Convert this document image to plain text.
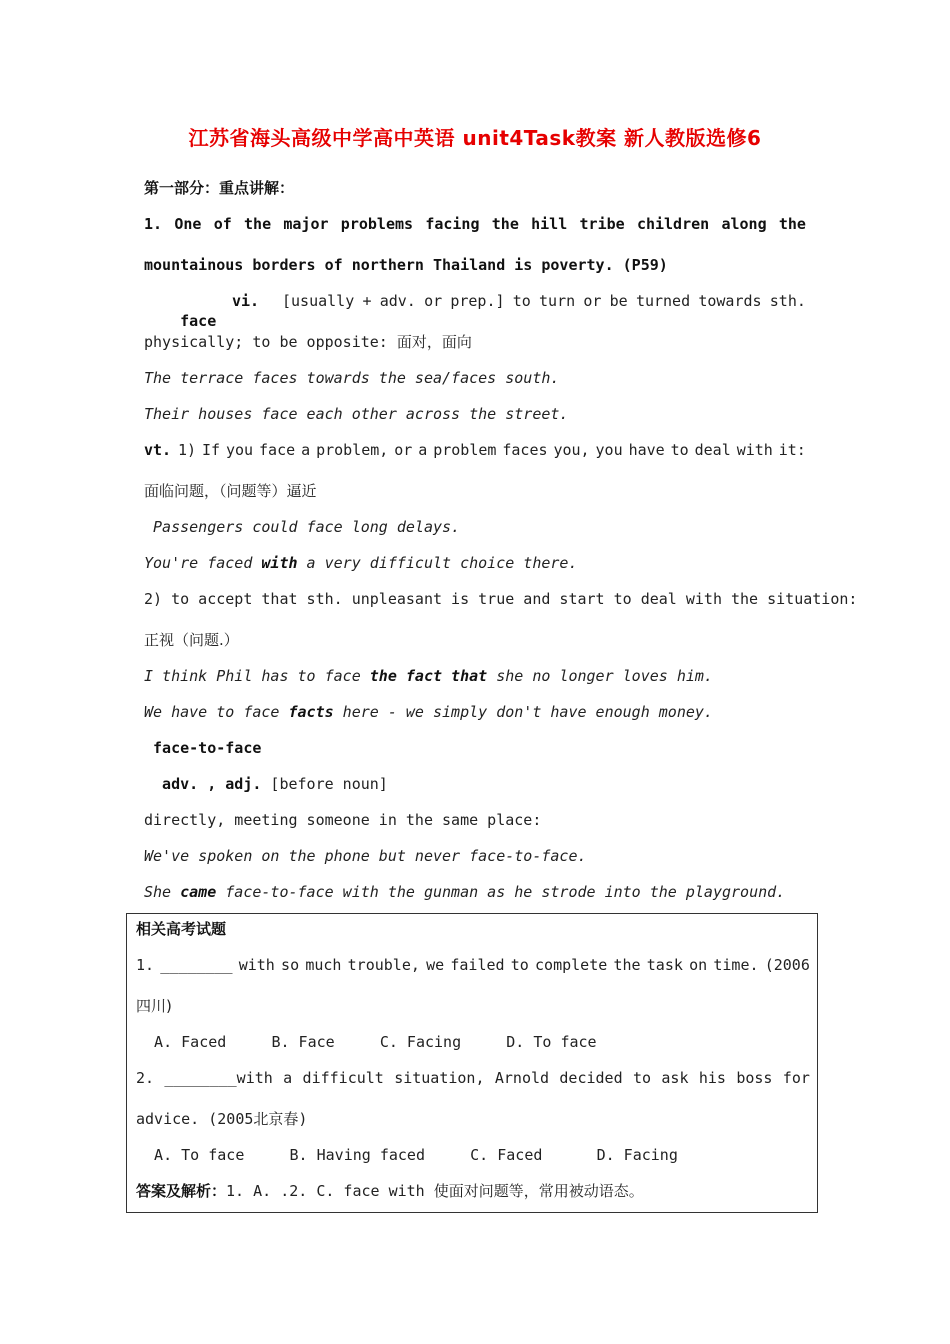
江苏省海头高级中学高中英语 unit4Task教案 新人教版选修6
第一部分：重点讲解：
1. One of the major problems facing the hill tribe children along the
mountainous borders of northern Thailand is poverty. (P59)

face

vi. [usually + adv. or prep.] to turn or be turned towards sth.
physically; to be opposite: 面对，面向
The terrace faces towards the sea/faces south.
Their houses face each other across the street.
vt. 1) If you face a problem, or a problem faces you, you have to deal with it:
面临问题，（问题等）逼近
Passengers could face long delays.
You're faced with a very difficult choice there.
2) to accept that sth. unpleasant is true and start to deal with the situation:
正视（问题.）
I think Phil has to face the fact that she no longer loves him.
We have to face facts here - we simply don't have enough money.
face-to-face
adv. , adj. [before noun]
directly, meeting someone in the same place:
We've spoken on the phone but never face-to-face.
She came face-to-face with the gunman as he strode into the playground.
相关高考试题
1. ________ with so much trouble, we failed to complete the task on time. (2006
四川)
A. Faced     B. Face     C. Facing     D. To face
2. ________with a difficult situation, Arnold decided to ask his boss for
advice. (2005北京春)
A. To face     B. Having faced     C. Faced      D. Facing
答案及解析：1. A. .2. C. face with 使面对问题等，常用被动语态。
